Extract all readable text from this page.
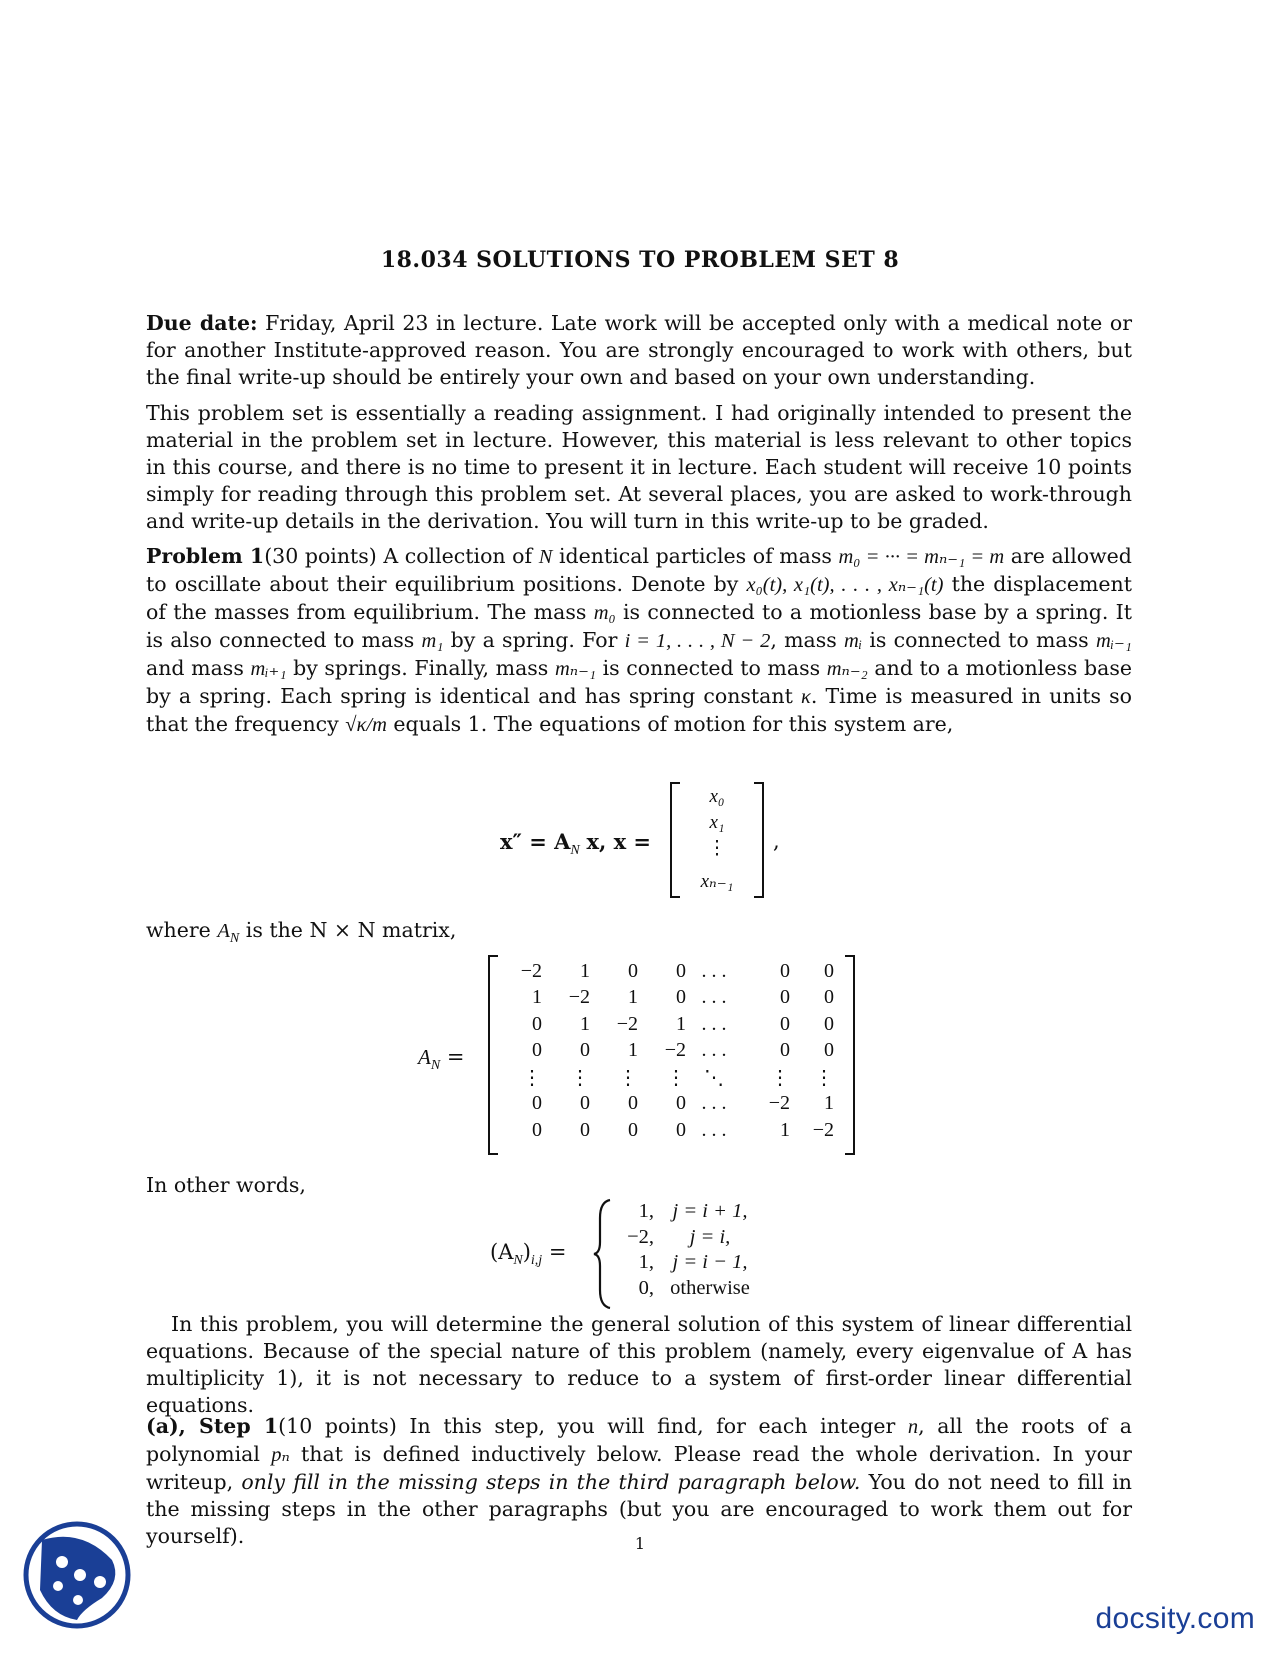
18.034 SOLUTIONS TO PROBLEM SET 8

Due date: Friday, April 23 in lecture. Late work will be accepted only with a medical note or for another Institute-approved reason. You are strongly encouraged to work with others, but the final write-up should be entirely your own and based on your own understanding.

This problem set is essentially a reading assignment. I had originally intended to present the material in the problem set in lecture. However, this material is less relevant to other topics in this course, and there is no time to present it in lecture. Each student will receive 10 points simply for reading through this problem set. At several places, you are asked to work-through and write-up details in the derivation. You will turn in this write-up to be graded.

Problem 1(30 points) A collection of N identical particles of mass m₀ = ··· = mₙ₋₁ = m are allowed to oscillate about their equilibrium positions. Denote by x₀(t), x₁(t), . . . , xₙ₋₁(t) the displacement of the masses from equilibrium. The mass m₀ is connected to a motionless base by a spring. It is also connected to mass m₁ by a spring. For i = 1, . . . , N − 2, mass mᵢ is connected to mass mᵢ₋₁ and mass mᵢ₊₁ by springs. Finally, mass mₙ₋₁ is connected to mass mₙ₋₂ and to a motionless base by a spring. Each spring is identical and has spring constant κ. Time is measured in units so that the frequency √κ/m equals 1. The equations of motion for this system are,

$x'' = A_N$ x, x =
x₀
x₁
⋮
xₙ₋₁
,

where $A_N$ is the N × N matrix,

$A_N$ =
−2	1	0	0	. . .	0	0
1	−2	1	0	. . .	0	0
0	1	−2	1	. . .	0	0
0	0	1	−2	. . .	0	0
⋮	⋮	⋮	⋮	⋱	⋮	⋮
0	0	0	0	. . .	−2	1
0	0	0	0	. . .	1	−2

In other words,

$(A_N)_{i,j}$ =
1, j = i + 1,
−2, j = i,
1, j = i − 1,
0, otherwise

In this problem, you will determine the general solution of this system of linear differential equations. Because of the special nature of this problem (namely, every eigenvalue of A has multiplicity 1), it is not necessary to reduce to a system of first-order linear differential equations.

(a), Step 1(10 points) In this step, you will find, for each integer n, all the roots of a polynomial pₙ that is defined inductively below. Please read the whole derivation. In your writeup, only fill in the missing steps in the third paragraph below. You do not need to fill in the missing steps in the other paragraphs (but you are encouraged to work them out for yourself).	1
docsity.com
